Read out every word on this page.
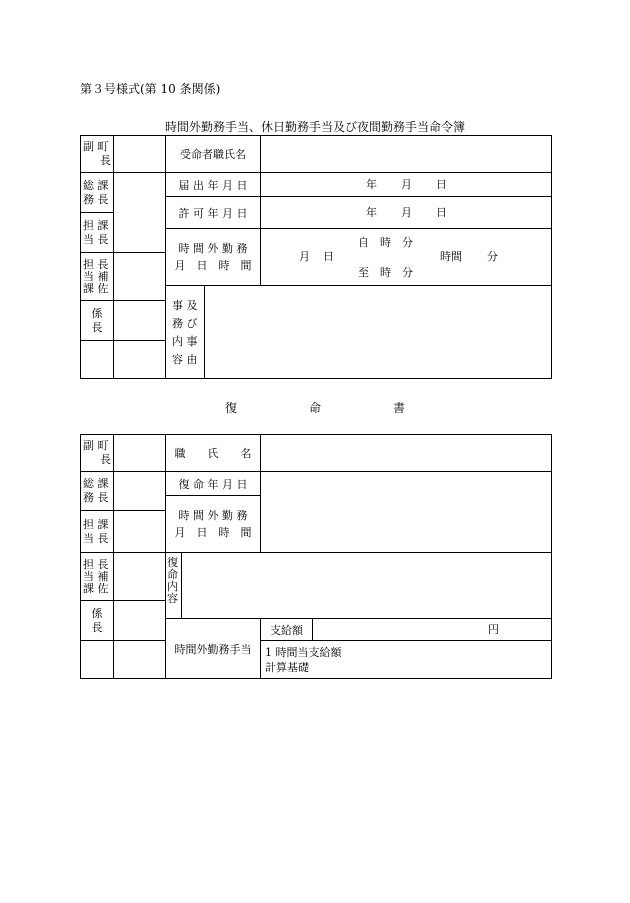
第３号様式(第 10 条関係)
時間外勤務手当、休日勤務手当及び夜間勤務手当命令簿
副 町
長
総 課
務 長
担 課
当 長
担 長
当 補
課 佐
係
長
受命者職氏名
届 出 年 月 日
許 可 年 月 日
時 間 外 勤 務
月　日　時　間
年 月 日
年 月 日
月 日
自　時　分
至　時　分
時間 分
事 及
務 び
内 事
容 由
復　　　　　　命　　　　　　書
副 町
長
総 課
務 長
担 課
当 長
担 長
当 補
課 佐
係
長
職　　氏　　名
復 命 年 月 日
時 間 外 勤 務
月　日　時　間
復
命
内
容
時間外勤務手当
支給額	円
1 時間当支給額
計算基礎
